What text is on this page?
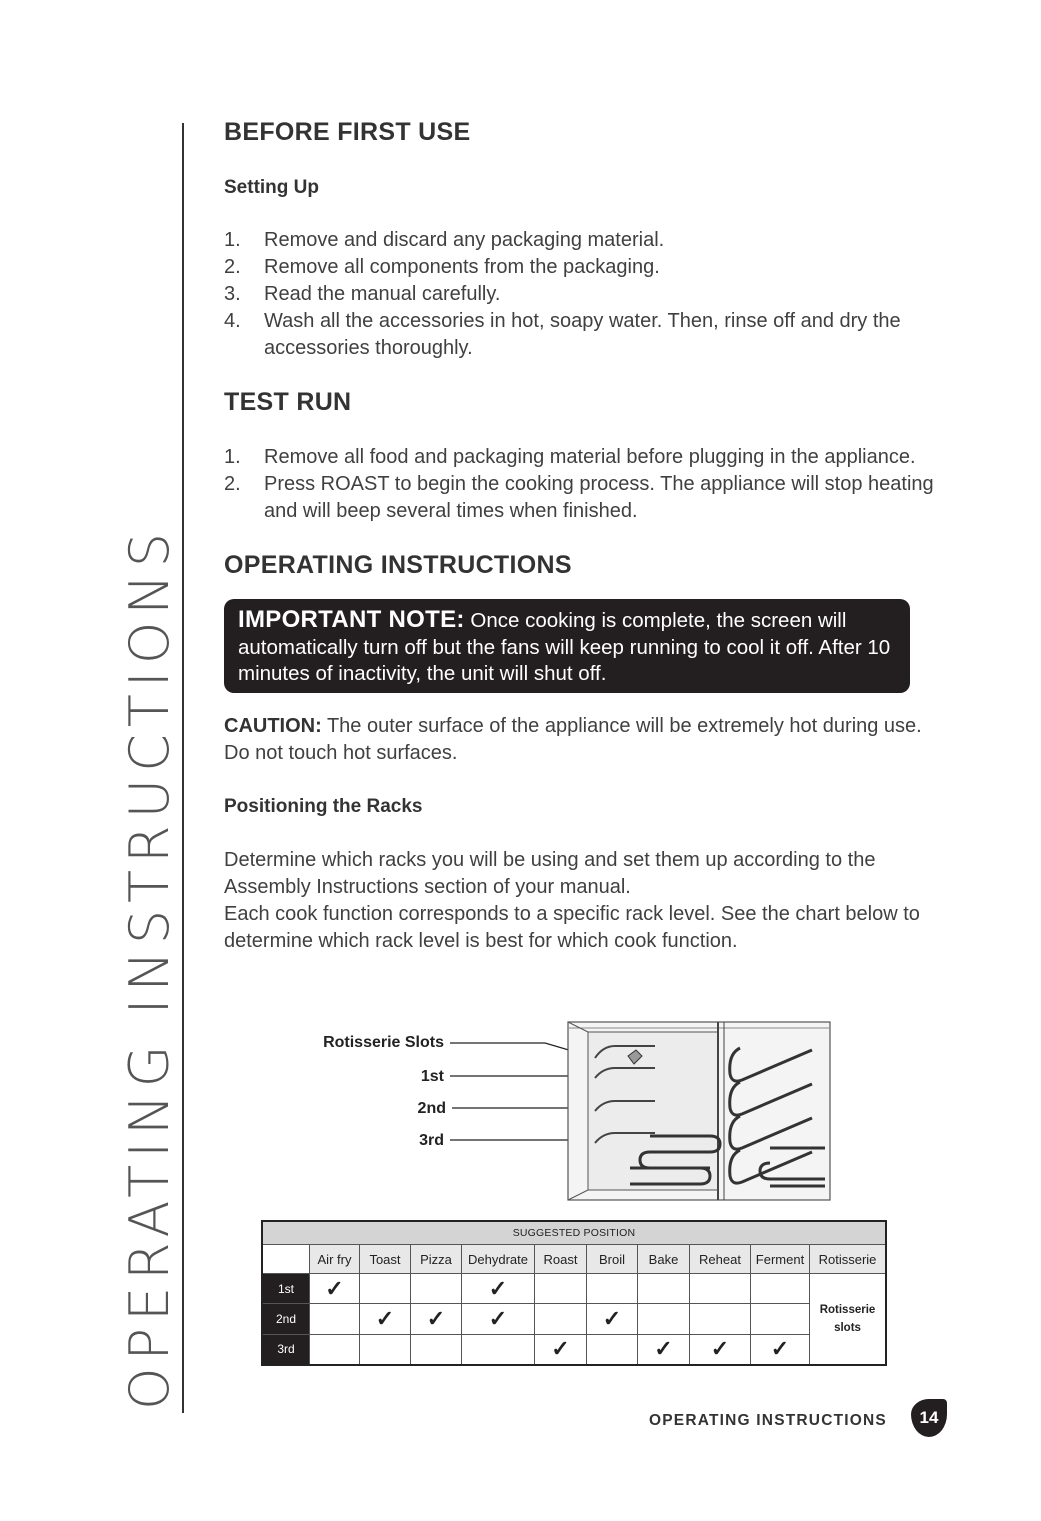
OPERATING INSTRUCTIONS
BEFORE FIRST USE
Setting Up
1. Remove and discard any packaging material.
2. Remove all components from the packaging.
3. Read the manual carefully.
4. Wash all the accessories in hot, soapy water. Then, rinse off and dry the accessories thoroughly.
TEST RUN
1. Remove all food and packaging material before plugging in the appliance.
2. Press ROAST to begin the cooking process. The appliance will stop heating and will beep several times when finished.
OPERATING INSTRUCTIONS
IMPORTANT NOTE: Once cooking is complete, the screen will automatically turn off but the fans will keep running to cool it off. After 10 minutes of inactivity, the unit will shut off.
CAUTION: The outer surface of the appliance will be extremely hot during use. Do not touch hot surfaces.
Positioning the Racks
Determine which racks you will be using and set them up according to the Assembly Instructions section of your manual.
Each cook function corresponds to a specific rack level. See the chart below to determine which rack level is best for which cook function.
Rotisserie Slots
1st
2nd
3rd
SUGGESTED POSITION										
	Air fry	Toast	Pizza	Dehydrate	Roast	Broil	Bake	Reheat	Ferment	Rotisserie
1st	✓			✓						Rotisserie slots
2nd		✓	✓	✓		✓				
3rd					✓		✓	✓	✓	
OPERATING INSTRUCTIONS	14
